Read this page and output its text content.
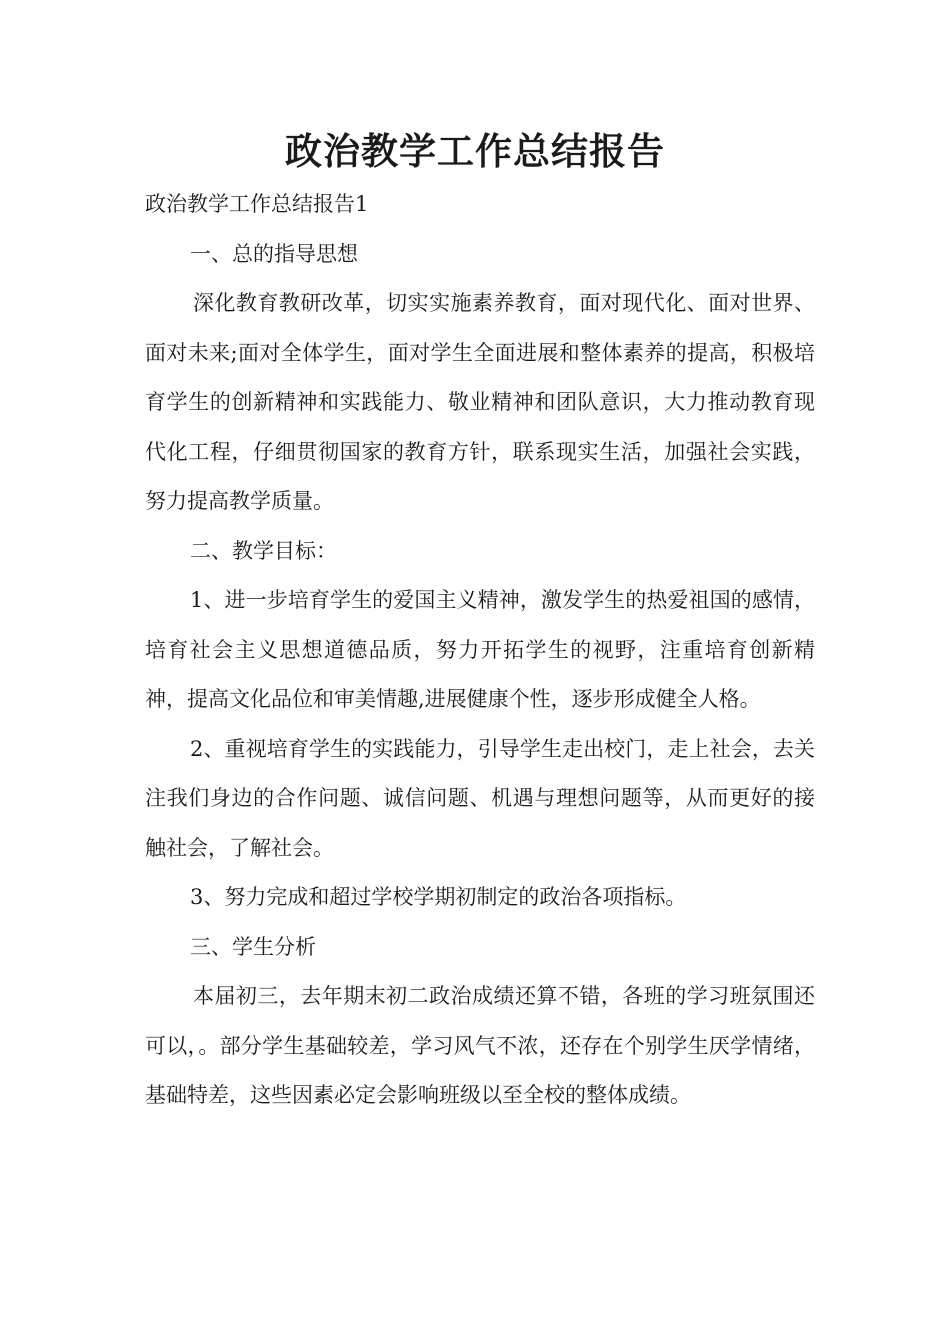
政治教学工作总结报告

政治教学工作总结报告1

一、总的指导思想

深化教育教研改革，切实实施素养教育，面对现代化、面对世界、面对未来;面对全体学生，面对学生全面进展和整体素养的提高，积极培育学生的创新精神和实践能力、敬业精神和团队意识，大力推动教育现代化工程，仔细贯彻国家的教育方针，联系现实生活，加强社会实践，努力提高教学质量。

二、教学目标：

1、进一步培育学生的爱国主义精神，激发学生的热爱祖国的感情，培育社会主义思想道德品质，努力开拓学生的视野，注重培育创新精神，提高文化品位和审美情趣,进展健康个性，逐步形成健全人格。

2、重视培育学生的实践能力，引导学生走出校门，走上社会，去关注我们身边的合作问题、诚信问题、机遇与理想问题等，从而更好的接触社会，了解社会。

3、努力完成和超过学校学期初制定的政治各项指标。

三、学生分析

本届初三，去年期末初二政治成绩还算不错，各班的学习班氛围还可以，。部分学生基础较差，学习风气不浓，还存在个别学生厌学情绪，基础特差，这些因素必定会影响班级以至全校的整体成绩。
